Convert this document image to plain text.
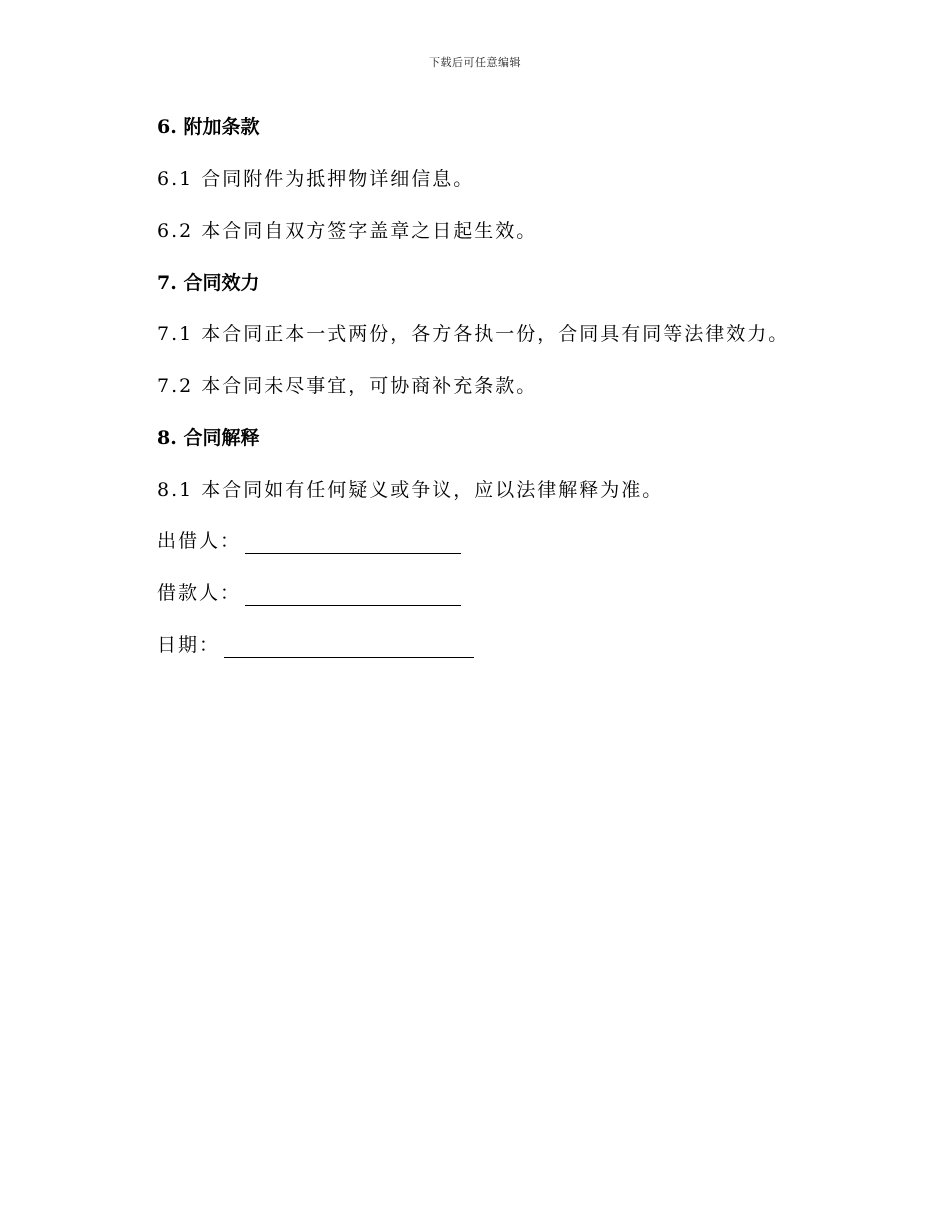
下载后可任意编辑
6. 附加条款
6.1 合同附件为抵押物详细信息。
6.2 本合同自双方签字盖章之日起生效。
7. 合同效力
7.1 本合同正本一式两份，各方各执一份，合同具有同等法律效力。
7.2 本合同未尽事宜，可协商补充条款。
8. 合同解释
8.1 本合同如有任何疑义或争议，应以法律解释为准。
出借人：
借款人：
日期：
